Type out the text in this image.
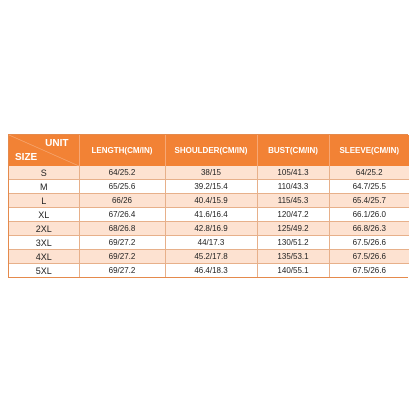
UNIT
SIZE	LENGTH(CM/IN)	SHOULDER(CM/IN)	BUST(CM/IN)	SLEEVE(CM/IN)
S	64/25.2	38/15	105/41.3	64/25.2
M	65/25.6	39.2/15.4	110/43.3	64.7/25.5
L	66/26	40.4/15.9	115/45.3	65.4/25.7
XL	67/26.4	41.6/16.4	120/47.2	66.1/26.0
2XL	68/26.8	42.8/16.9	125/49.2	66.8/26.3
3XL	69/27.2	44/17.3	130/51.2	67.5/26.6
4XL	69/27.2	45.2/17.8	135/53.1	67.5/26.6
5XL	69/27.2	46.4/18.3	140/55.1	67.5/26.6
